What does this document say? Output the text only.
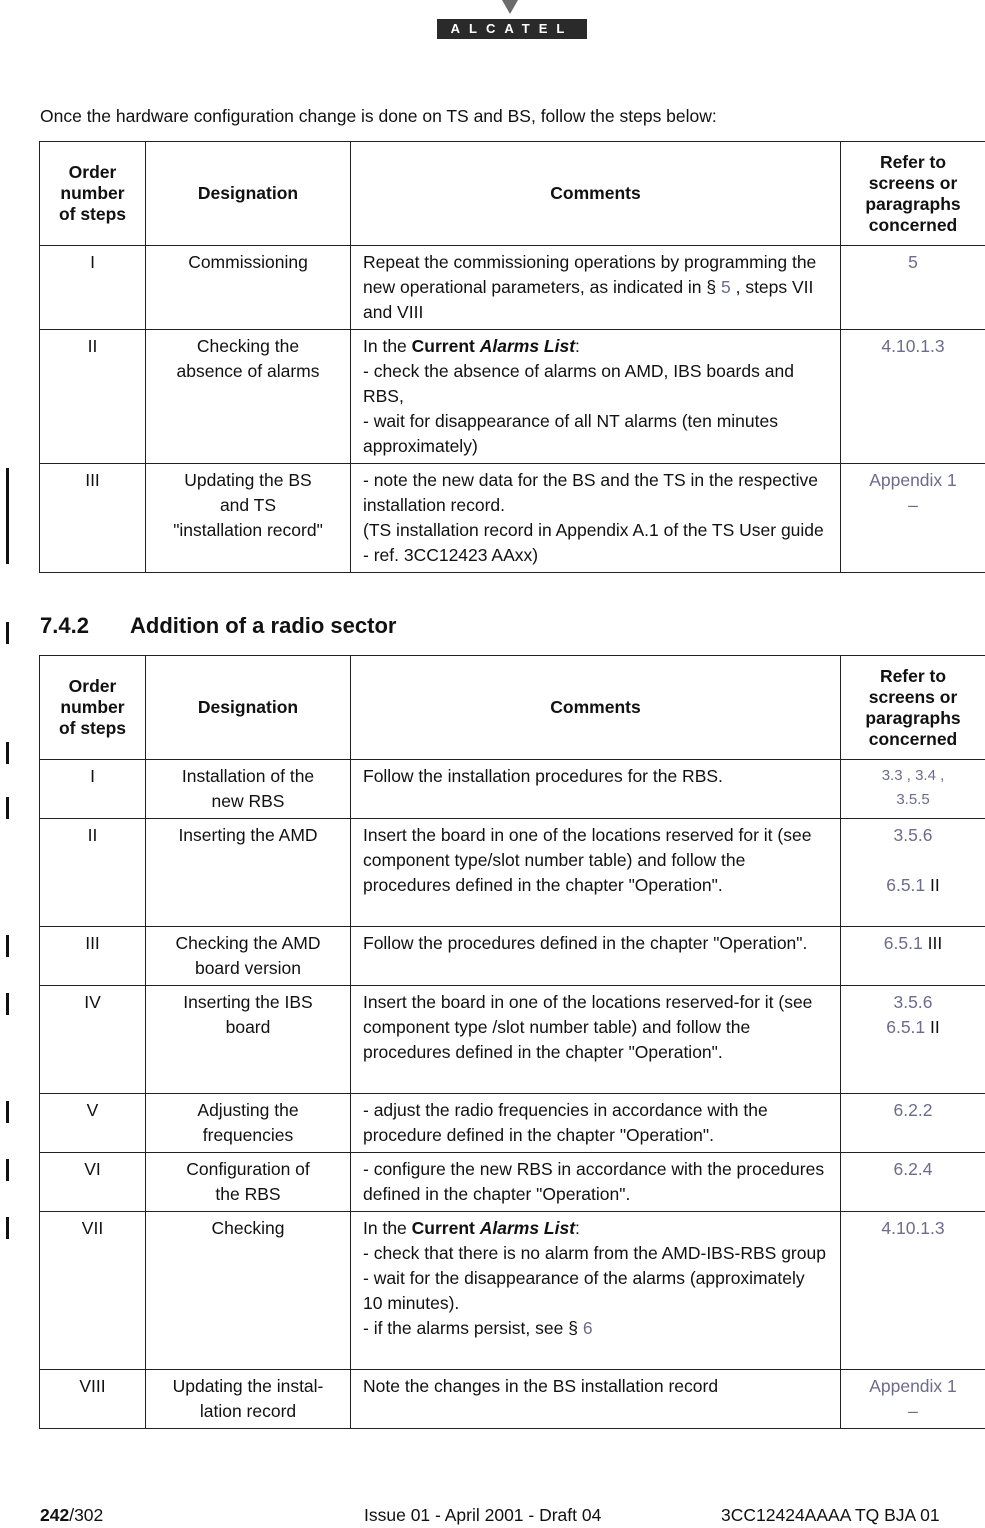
ALCATEL
Once the hardware configuration change is done on TS and BS, follow the steps below:
Order
number
of steps	Designation	Comments	Refer to
screens or
paragraphs
concerned
I	Commissioning	Repeat the commissioning operations by programming the new operational parameters, as indicated in § 5 , steps VII and VIII	5
II	Checking the
absence of alarms	In the Current Alarms List:
- check the absence of alarms on AMD, IBS boards and RBS,
- wait for disappearance of all NT alarms (ten minutes approximately)	4.10.1.3
III	Updating the BS
and TS
"installation record"	- note the new data for the BS and the TS in the respective installation record.
(TS installation record in Appendix A.1 of the TS User guide - ref. 3CC12423 AAxx)	Appendix 1
–
7.4.2 Addition of a radio sector
Order
number
of steps	Designation	Comments	Refer to
screens or
paragraphs
concerned
I	Installation of the
new RBS	Follow the installation procedures for the RBS.	3.3 , 3.4 ,
3.5.5
II	Inserting the AMD	Insert the board in one of the locations reserved for it (see component type/slot number table) and follow the procedures defined in the chapter "Operation".	3.5.6

6.5.1 II
III	Checking the AMD
board version	Follow the procedures defined in the chapter "Operation".	6.5.1 III
IV	Inserting the IBS
board	Insert the board in one of the locations reserved-for it (see component type /slot number table) and follow the procedures defined in the chapter "Operation".	3.5.6
6.5.1 II
V	Adjusting the
frequencies	- adjust the radio frequencies in accordance with the procedure defined in the chapter "Operation".	6.2.2
VI	Configuration of
the RBS	- configure the new RBS in accordance with the procedures defined in the chapter "Operation".	6.2.4
VII	Checking	In the Current Alarms List:
- check that there is no alarm from the AMD-IBS-RBS group
- wait for the disappearance of the alarms (approximately 10 minutes).
- if the alarms persist, see § 6	4.10.1.3
VIII	Updating the instal-
lation record	Note the changes in the BS installation record	Appendix 1
–
242/302	Issue 01 - April 2001 - Draft 04	3CC12424AAAA TQ BJA 01
